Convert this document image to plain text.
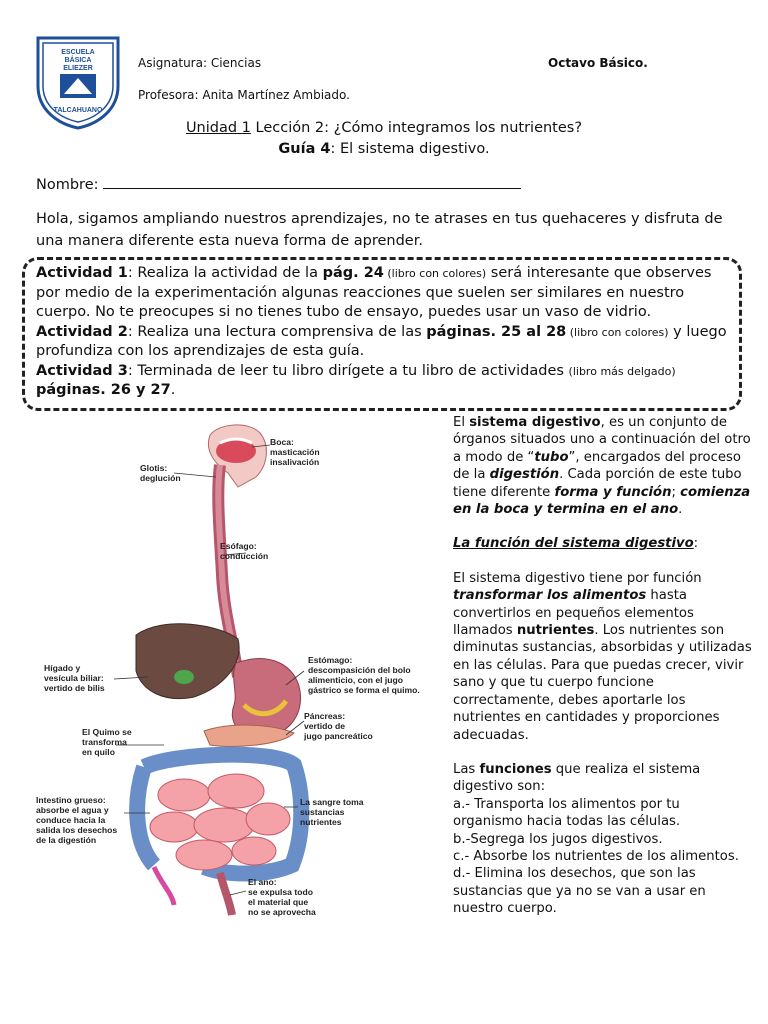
ESCUELA
BÁSICA
ELIEZER
TALCAHUANO
Asignatura: Ciencias	Octavo Básico.
Profesora: Anita Martínez Ambiado.
Unidad 1 Lección 2: ¿Cómo integramos los nutrientes?
Guía 4: El sistema digestivo.
Nombre:
Hola, sigamos ampliando nuestros aprendizajes, no te atrases en tus quehaceres y disfruta de una manera diferente esta nueva forma de aprender.

Actividad 1: Realiza la actividad de la pág. 24 (libro con colores) será interesante que observes por medio de la experimentación algunas reacciones que suelen ser similares en nuestro cuerpo. No te preocupes si no tienes tubo de ensayo, puedes usar un vaso de vidrio.

Actividad 2: Realiza una lectura comprensiva de las páginas. 25 al 28 (libro con colores) y luego profundiza con los aprendizajes de esta guía.

Actividad 3: Terminada de leer tu libro dirígete a tu libro de actividades (libro más delgado) páginas. 26 y 27.

Boca:
masticación
insalivación
Glotis:
deglución
Esófago:
conducción
Estómago:
descompasición del bolo
alimenticio, con el jugo
gástrico se forma el quimo.
Hígado y
vesícula biliar:
vertido de bilis
El Quimo se
transforma
en quilo
Páncreas:
vertido de
jugo pancreático
Intestino grueso:
absorbe el agua y
conduce hacia la
salida los desechos
de la digestión
La sangre toma
sustancias
nutrientes
El ano:
se expulsa todo
el material que
no se aprovecha

El sistema digestivo, es un conjunto de órganos situados uno a continuación del otro a modo de “tubo”, encargados del proceso de la digestión. Cada porción de este tubo tiene diferente forma y función; comienza en la boca y termina en el ano.

La función del sistema digestivo:

El sistema digestivo tiene por función transformar los alimentos hasta convertirlos en pequeños elementos llamados nutrientes. Los nutrientes son diminutas sustancias, absorbidas y utilizadas en las células. Para que puedas crecer, vivir sano y que tu cuerpo funcione correctamente, debes aportarle los nutrientes en cantidades y proporciones adecuadas.

Las funciones que realiza el sistema digestivo son:

a.- Transporta los alimentos por tu organismo hacia todas las células.

b.-Segrega los jugos digestivos.

c.- Absorbe los nutrientes de los alimentos.

d.- Elimina los desechos, que son las sustancias que ya no se van a usar en nuestro cuerpo.
